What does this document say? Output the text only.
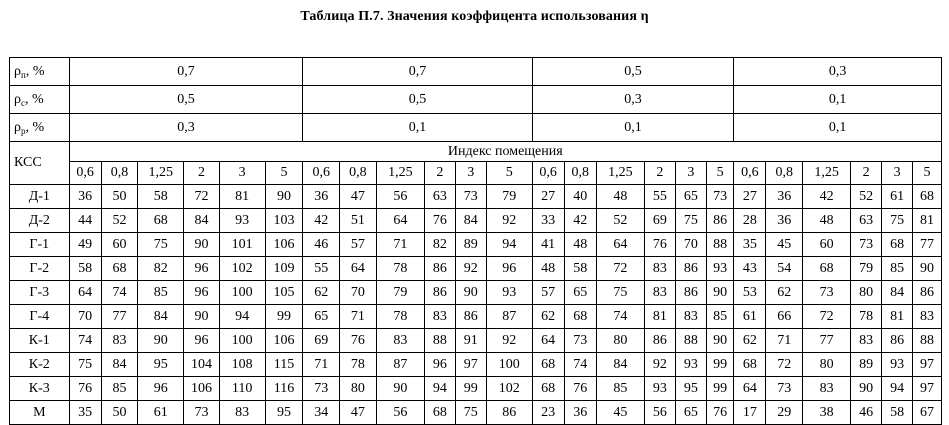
Таблица П.7. Значения коэффицента использования η
$\rho_п$, %	0,7						0,7						0,5						0,3					
$\rho_с$, %	0,5						0,5						0,3						0,1					
$\rho_р$, %	0,3						0,1						0,1						0,1					
КСС	Индекс помещения																							
	0,6	0,8	1,25	2	3	5	0,6	0,8	1,25	2	3	5	0,6	0,8	1,25	2	3	5	0,6	0,8	1,25	2	3	5
Д-1	36	50	58	72	81	90	36	47	56	63	73	79	27	40	48	55	65	73	27	36	42	52	61	68
Д-2	44	52	68	84	93	103	42	51	64	76	84	92	33	42	52	69	75	86	28	36	48	63	75	81
Г-1	49	60	75	90	101	106	46	57	71	82	89	94	41	48	64	76	70	88	35	45	60	73	68	77
Г-2	58	68	82	96	102	109	55	64	78	86	92	96	48	58	72	83	86	93	43	54	68	79	85	90
Г-3	64	74	85	96	100	105	62	70	79	86	90	93	57	65	75	83	86	90	53	62	73	80	84	86
Г-4	70	77	84	90	94	99	65	71	78	83	86	87	62	68	74	81	83	85	61	66	72	78	81	83
К-1	74	83	90	96	100	106	69	76	83	88	91	92	64	73	80	86	88	90	62	71	77	83	86	88
К-2	75	84	95	104	108	115	71	78	87	96	97	100	68	74	84	92	93	99	68	72	80	89	93	97
К-3	76	85	96	106	110	116	73	80	90	94	99	102	68	76	85	93	95	99	64	73	83	90	94	97
М	35	50	61	73	83	95	34	47	56	68	75	86	23	36	45	56	65	76	17	29	38	46	58	67
